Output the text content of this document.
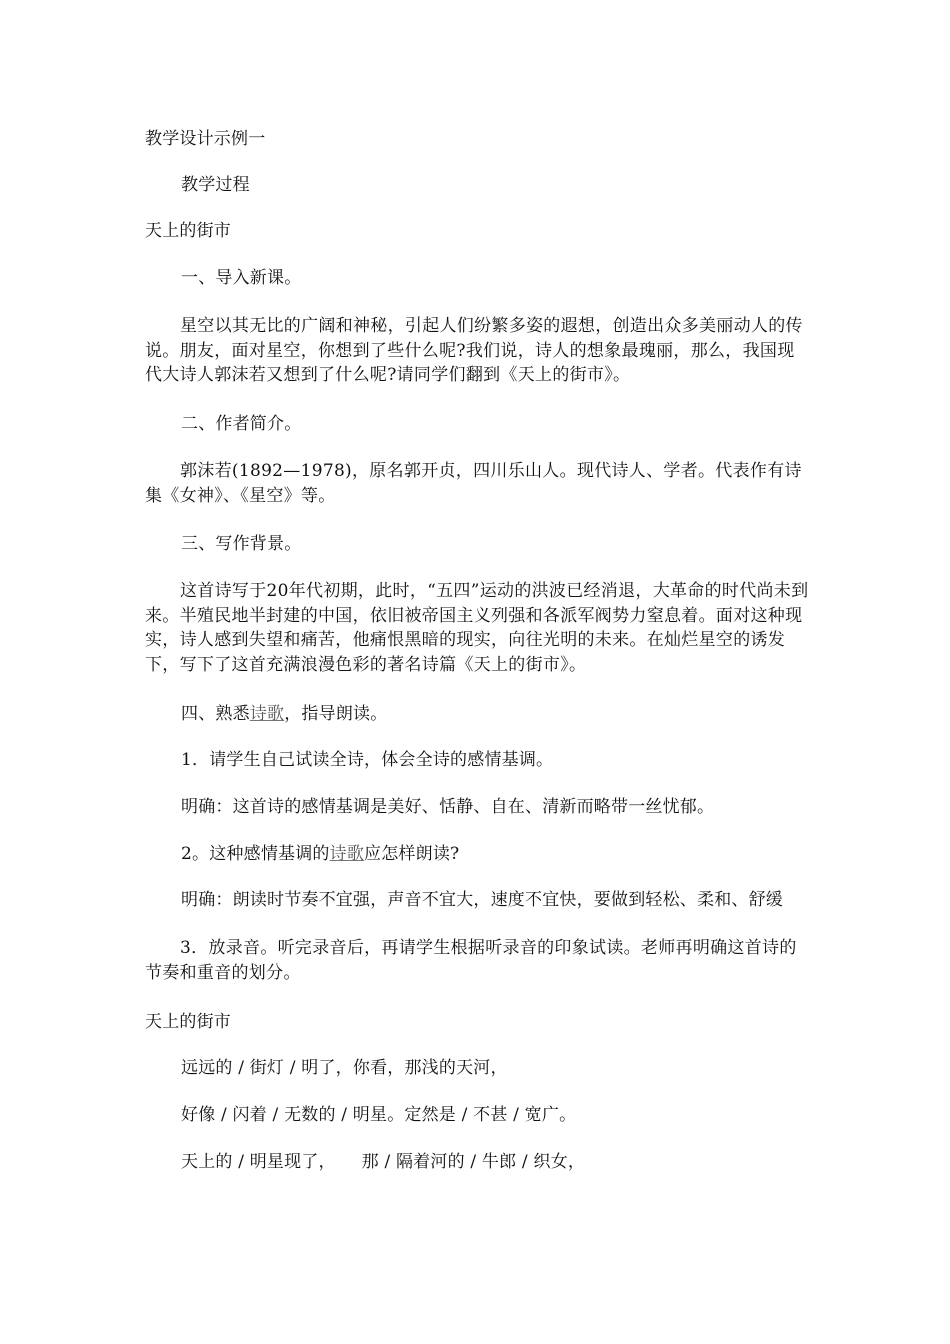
教学设计示例一
教学过程
天上的街市
一、导入新课。
星空以其无比的广阔和神秘，引起人们纷繁多姿的遐想，创造出众多美丽动人的传说。朋友，面对星空，你想到了些什么呢?我们说，诗人的想象最瑰丽，那么，我国现代大诗人郭沫若又想到了什么呢?请同学们翻到《天上的街市》。
二、作者简介。
郭沫若(1892—1978)，原名郭开贞，四川乐山人。现代诗人、学者。代表作有诗集《女神》、《星空》等。
三、写作背景。
这首诗写于20年代初期，此时，“五四”运动的洪波已经消退，大革命的时代尚未到来。半殖民地半封建的中国，依旧被帝国主义列强和各派军阀势力窒息着。面对这种现实，诗人感到失望和痛苦，他痛恨黑暗的现实，向往光明的未来。在灿烂星空的诱发下，写下了这首充满浪漫色彩的著名诗篇《天上的街市》。
四、熟悉诗歌，指导朗读。
1．请学生自己试读全诗，体会全诗的感情基调。
明确：这首诗的感情基调是美好、恬静、自在、清新而略带一丝忧郁。
2。这种感情基调的诗歌应怎样朗读?
明确：朗读时节奏不宜强，声音不宜大，速度不宜快，要做到轻松、柔和、舒缓
3．放录音。听完录音后，再请学生根据听录音的印象试读。老师再明确这首诗的节奏和重音的划分。
天上的街市
远远的 / 街灯 / 明了，你看，那浅的天河，
好像 / 闪着 / 无数的 / 明星。定然是 / 不甚 / 宽广。
天上的 / 明星现了，　　那 / 隔着河的 / 牛郎 / 织女，
